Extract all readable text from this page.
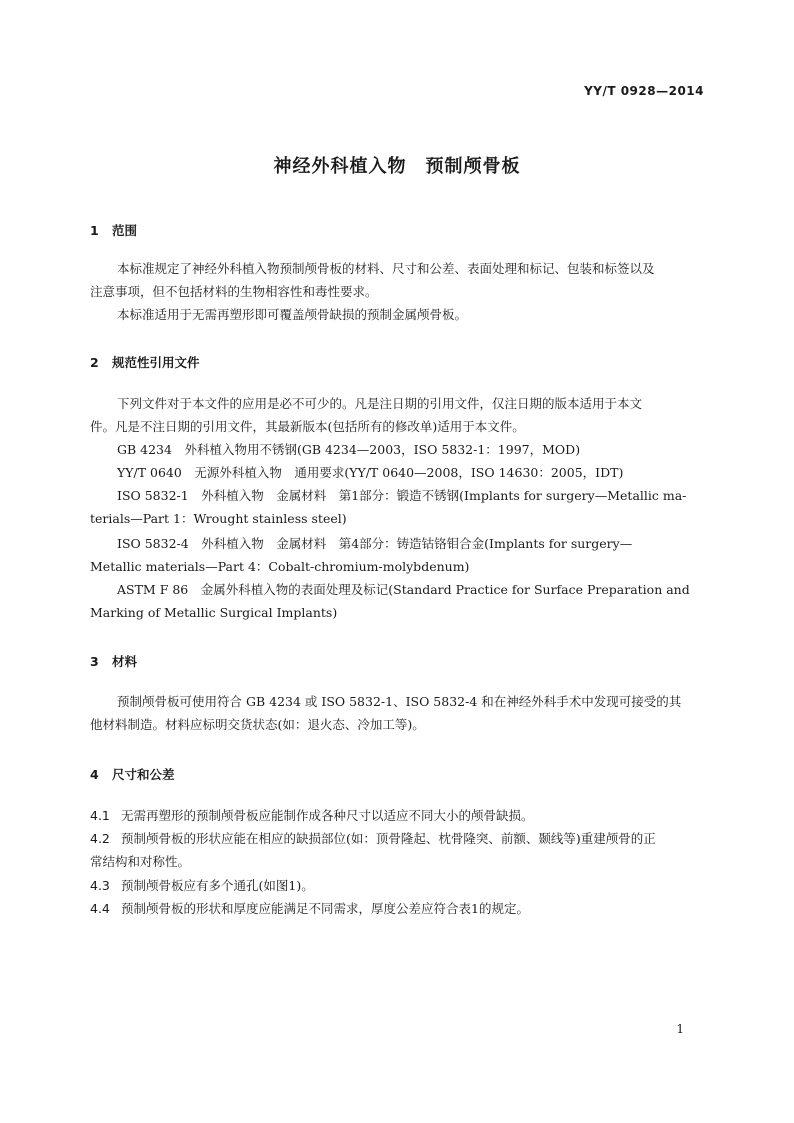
YY/T 0928—2014
神经外科植入物　预制颅骨板
1 范围
本标准规定了神经外科植入物预制颅骨板的材料、尺寸和公差、表面处理和标记、包装和标签以及
注意事项，但不包括材料的生物相容性和毒性要求。
本标准适用于无需再塑形即可覆盖颅骨缺损的预制金属颅骨板。
2 规范性引用文件
下列文件对于本文件的应用是必不可少的。凡是注日期的引用文件，仅注日期的版本适用于本文
件。凡是不注日期的引用文件，其最新版本(包括所有的修改单)适用于本文件。
GB 4234　外科植入物用不锈钢(GB 4234—2003，ISO 5832-1：1997，MOD)
YY/T 0640　无源外科植入物　通用要求(YY/T 0640—2008，ISO 14630：2005，IDT)
ISO 5832-1　外科植入物　金属材料　第1部分：锻造不锈钢(Implants for surgery—Metallic ma-
terials—Part 1：Wrought stainless steel)
ISO 5832-4　外科植入物　金属材料　第4部分：铸造钴铬钼合金(Implants for surgery—
Metallic materials—Part 4：Cobalt-chromium-molybdenum)
ASTM F 86　金属外科植入物的表面处理及标记(Standard Practice for Surface Preparation and
Marking of Metallic Surgical Implants)
3 材料
预制颅骨板可使用符合 GB 4234 或 ISO 5832-1、ISO 5832-4 和在神经外科手术中发现可接受的其
他材料制造。材料应标明交货状态(如：退火态、冷加工等)。
4 尺寸和公差
4.1 无需再塑形的预制颅骨板应能制作成各种尺寸以适应不同大小的颅骨缺损。
4.2 预制颅骨板的形状应能在相应的缺损部位(如：顶骨隆起、枕骨隆突、前额、颞线等)重建颅骨的正
常结构和对称性。
4.3 预制颅骨板应有多个通孔(如图1)。
4.4 预制颅骨板的形状和厚度应能满足不同需求，厚度公差应符合表1的规定。
1
